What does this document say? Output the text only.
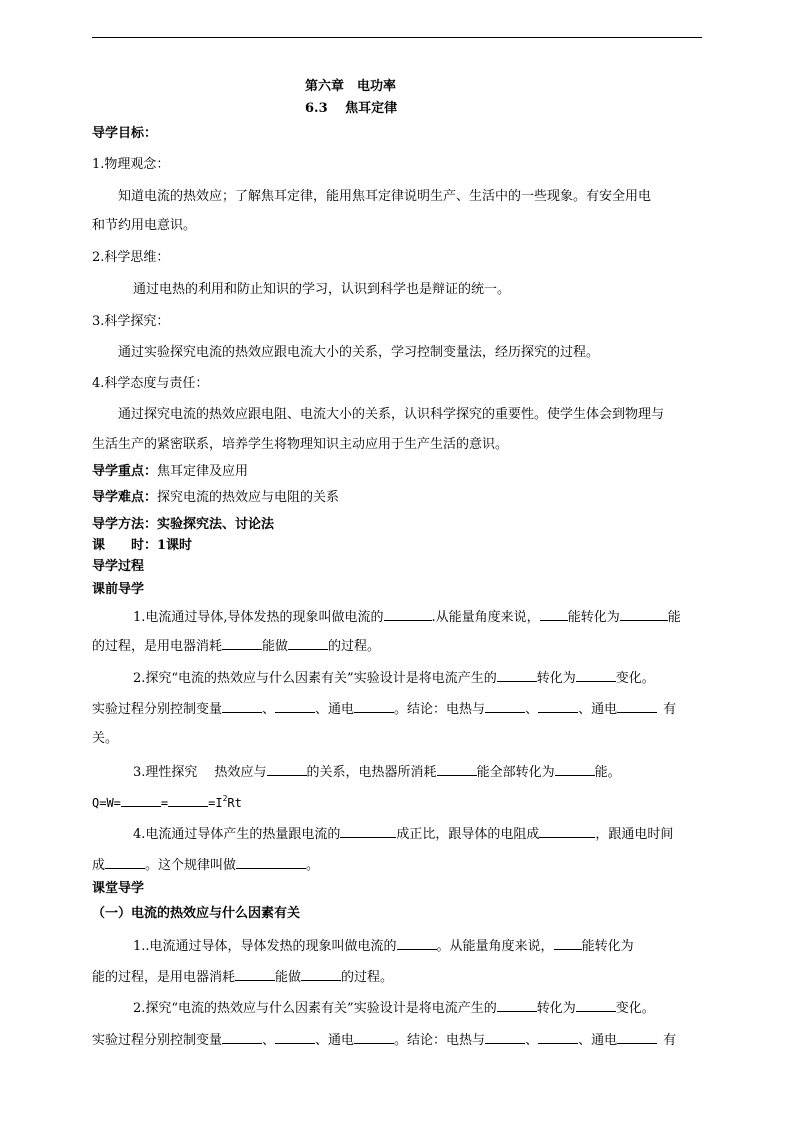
第六章　电功率
6.3　 焦耳定律
导学目标：
1.物理观念：
知道电流的热效应；了解焦耳定律，能用焦耳定律说明生产、生活中的一些现象。有安全用电
和节约用电意识。
2.科学思维：
通过电热的利用和防止知识的学习，认识到科学也是辩证的统一。
3.科学探究：
通过实验探究电流的热效应跟电流大小的关系，学习控制变量法，经历探究的过程。
4.科学态度与责任：
通过探究电流的热效应跟电阻、电流大小的关系，认识科学探究的重要性。使学生体会到物理与
生活生产的紧密联系，培养学生将物理知识主动应用于生产生活的意识。
导学重点：焦耳定律及应用
导学难点：探究电流的热效应与电阻的关系
导学方法：实验探究法、讨论法
课　　时：1课时
导学过程
课前导学
1.电流通过导体,导体发热的现象叫做电流的	.从能量角度来说， 能转化为	能
的过程，是用电器消耗	能做	的过程。
2.探究“电流的热效应与什么因素有关”实验设计是将电流产生的	转化为	变化。
实验过程分别控制变量	、	、通电	。结论：电热与	、	、通电	有
关。
3.理性探究　 热效应与	的关系，电热器所消耗	能全部转化为	能。
Q=W=	=	$=I^2Rt$
4.电流通过导体产生的热量跟电流的	成正比，跟导体的电阻成	，跟通电时间
成	。这个规律叫做	。
课堂导学
（一）电流的热效应与什么因素有关
1..电流通过导体，导体发热的现象叫做电流的	。从能量角度来说， 能转化为
能的过程，是用电器消耗	能做	的过程。
2.探究“电流的热效应与什么因素有关”实验设计是将电流产生的	转化为	变化。
实验过程分别控制变量	、	、通电	。结论：电热与	、	、通电	有
